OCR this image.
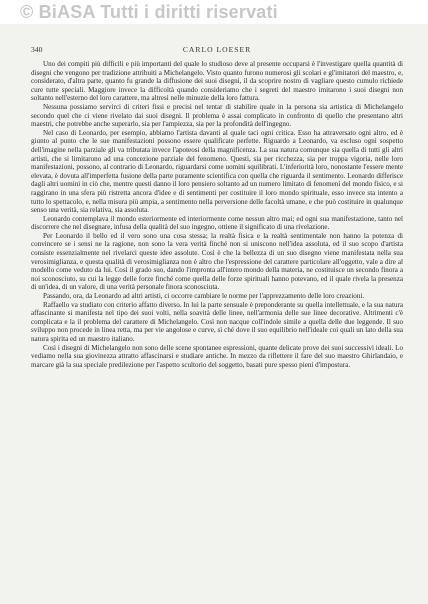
© BiASA Tutti i diritti riservati
340	CARLO LOESER

Uno dei compiti più difficili e più importanti del quale lo studioso deve al presente occuparsi è l'investigare quella quantità di disegni che vengono per tradizione attribuiti a Michelangelo. Visto quanto furono numerosi gli scolari e gl'imitatori del maestro, e, considerato, d'altra parte, quanto fu grande la diffusione dei suoi disegni, il da scoprire nostro di vagliare questo cumulo richiede cure tutte speciali. Maggiore invece la difficoltà quando consideriamo che i segreti del maestro imitarono i suoi disegni non soltanto nell'esterno del loro carattere, ma altresì nelle minuzie della loro fattura.

Nessuna possiamo servirci di criteri fissi e precisi nel tentar di stabilire quale in la persona sia artistica di Michelangelo secondo quel che ci viene rivelato dai suoi disegni. Il problema è assai complicato in confronto di quello che presentano altri maestri, che potrebbe anche superarlo, sia per l'ampiezza, sia per la profondità dell'ingegno.

Nel caso di Leonardo, per esempio, abbiamo l'artista davanti al quale taci ogni critica. Esso ha attraversato ogni altro, ed è giunto al punto che le sue manifestazioni possono essere qualificate perfette. Riguardo a Leonardo, va escluso ogni sospetto dell'imagine nella parziale gli va tributata invece l'apoteosi della magnificenza. La sua natura comunque sia quella di tutti gli altri artisti, che si limitarono ad una concezione parziale del fenomeno. Questi, sia per ricchezza, sia per troppa vigoria, nelle loro manifestazioni, possono, al contrario di Leonardo, riguardarsi come uomini squilibrati. L'inferiorità loro, nonostante l'essere mente elevata, è dovuta all'imperfetta fusione della parte puramente scientifica con quella che riguarda il sentimento. Leonardo differisce dagli altri uomini in ciò che, mentre questi danno il loro pensiero soltanto ad un numero limitato di fenomeni del mondo fisico, e si raggirano in una sfera più ristretta ancora d'idee e di sentimenti per costituire il loro mondo spirituale, esso invece sta intento a tutto lo spettacolo, e, nella misura più ampia, a sentimento nella perversione delle facoltà umane, e che può costituire in qualunque senso una verità, sia relativa, sia assoluta.

Leonardo contemplava il mondo esteriormente ed interiormente come nessun altro mai; ed ogni sua manifestazione, tanto nel discorrere che nel disegnare, infusa della qualità del suo ingegno, ottiene il significato di una rivelazione.

Per Leonardo il bello ed il vero sono una cosa stessa; la realtà fisica e la realtà sentimentale non hanno la potenza di convincere se i sensi ne la ragione, non sono la vera verità finché non si uniscono nell'idea assoluta, ed il suo scopo d'artista consiste essenzialmente nel rivelarci queste idee assolute. Così è che la bellezza di un suo disegno viene manifestata nella sua verosimiglianza, e questa qualità di verosimiglianza non è altro che l'espressione del carattere particolare all'oggetto, vale a dire al modello come veduto da lui. Così il grado suo, dando l'impronta all'intero mondo della materia, ne costituisce un secondo finora a noi sconosciuto, su cui la legge delle forze finché come quella delle forze spirituali hanno potevano, ed il quale rivela la presenza di un'idea, di un valore, di una verità personale finora sconosciuta.

Passando, ora, da Leonardo ad altri artisti, ci occorre cambiare le norme per l'apprezzamento delle loro creazioni.

Raffaello va studiato con criterio affatto diverso. In lui la parte sensuale è preponderante su quella intellettuale, e la sua natura affascinante si manifesta nel tipo dei suoi volti, nella soavità delle linee, nell'armonia delle sue linee decorative. Altrimenti c'è complicata e la il problema del carattere di Michelangelo. Così non nacque coll'indole simile a quella delle due leggende. Il suo sviluppo non procede in linea retta, ma per vie angolose e curve, sì ché dove il suo equilibrio nell'ideale coi quali un lato della sua natura spirita ed un maestro italiano.

Così i disegni di Michelangelo non sono delle scene spontanee espressioni, quante delicate prove dei suoi successivi ideali. Lo vediamo nella sua giovinezza attratto affascinarsi e studiare antiche. In mezzo da riflettere il fare del suo maestro Ghirlandaio, e marcare già la sua speciale predilezione per l'aspetto scultorio del soggetto, basati pure spesso pieni d'impostura.
